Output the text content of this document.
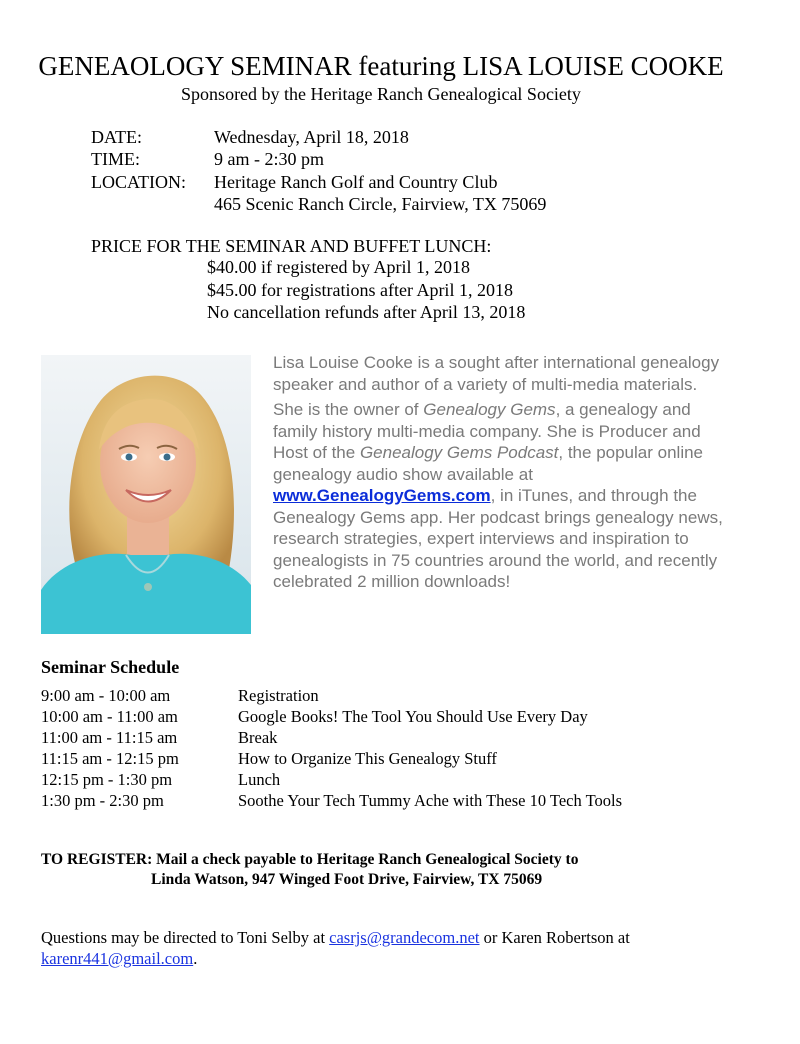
GENEAOLOGY SEMINAR featuring LISA LOUISE COOKE
Sponsored by the Heritage Ranch Genealogical Society
DATE:	Wednesday, April 18, 2018
TIME:	9 am - 2:30 pm
LOCATION: Heritage Ranch Golf and Country Club
465 Scenic Ranch Circle, Fairview, TX 75069
PRICE FOR THE SEMINAR AND BUFFET LUNCH:
$40.00 if registered by April 1, 2018
$45.00 for registrations after April 1, 2018
No cancellation refunds after April 13, 2018

Lisa Louise Cooke is a sought after international genealogy speaker and author of a variety of multi-media materials.

She is the owner of Genealogy Gems, a genealogy and family history multi-media company. She is Producer and Host of the Genealogy Gems Podcast, the popular online genealogy audio show available at www.GenealogyGems.com, in iTunes, and through the Genealogy Gems app. Her podcast brings genealogy news, research strategies, expert interviews and inspiration to genealogists in 75 countries around the world, and recently celebrated 2 million downloads!

Seminar Schedule
9:00 am - 10:00 am	Registration
10:00 am - 11:00 am	Google Books! The Tool You Should Use Every Day
11:00 am - 11:15 am	Break
11:15 am - 12:15 pm	How to Organize This Genealogy Stuff
12:15 pm - 1:30 pm	Lunch
1:30 pm - 2:30 pm	Soothe Your Tech Tummy Ache with These 10 Tech Tools
TO REGISTER: Mail a check payable to Heritage Ranch Genealogical Society to
Linda Watson, 947 Winged Foot Drive, Fairview, TX 75069
Questions may be directed to Toni Selby at casrjs@grandecom.net or Karen Robertson at
karenr441@gmail.com.
